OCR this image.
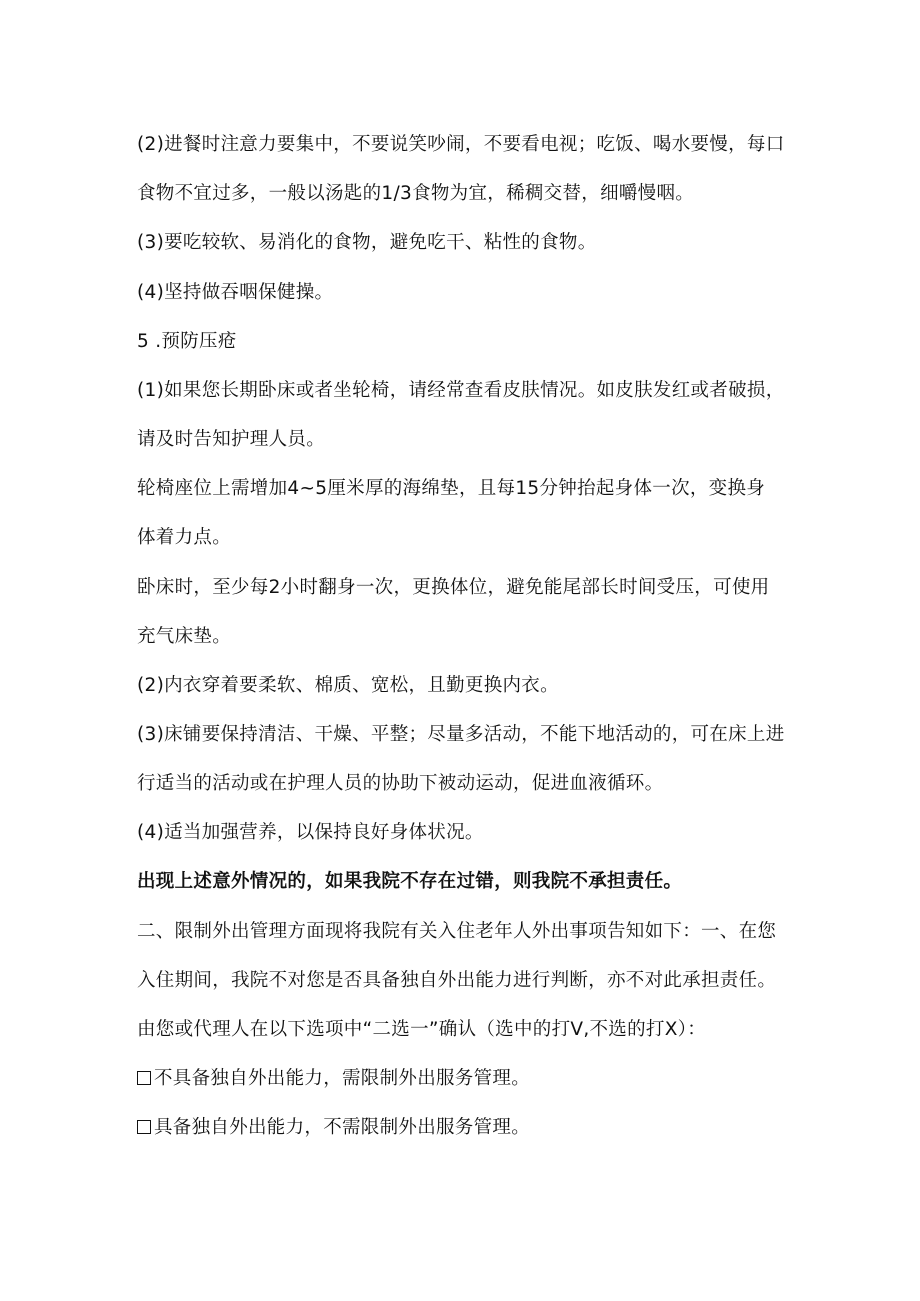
(2)进餐时注意力要集中，不要说笑吵闹，不要看电视；吃饭、喝水要慢，每口
食物不宜过多，一般以汤匙的1/3食物为宜，稀稠交替，细嚼慢咽。
(3)要吃较软、易消化的食物，避免吃干、粘性的食物。
(4)坚持做吞咽保健操。
5 .预防压疮
(1)如果您长期卧床或者坐轮椅，请经常查看皮肤情况。如皮肤发红或者破损，
请及时告知护理人员。
轮椅座位上需增加4~5厘米厚的海绵垫，且每15分钟抬起身体一次，变换身
体着力点。
卧床时，至少每2小时翻身一次，更换体位，避免能尾部长时间受压，可使用
充气床垫。
(2)内衣穿着要柔软、棉质、宽松，且勤更换内衣。
(3)床铺要保持清洁、干燥、平整；尽量多活动，不能下地活动的，可在床上进
行适当的活动或在护理人员的协助下被动运动，促进血液循环。
(4)适当加强营养，以保持良好身体状况。
出现上述意外情况的，如果我院不存在过错，则我院不承担责任。
二、限制外出管理方面现将我院有关入住老年人外出事项告知如下：一、在您
入住期间，我院不对您是否具备独自外出能力进行判断，亦不对此承担责任。
由您或代理人在以下选项中“二选一”确认（选中的打V,不选的打X）：
不具备独自外出能力，需限制外出服务管理。
具备独自外出能力，不需限制外出服务管理。
